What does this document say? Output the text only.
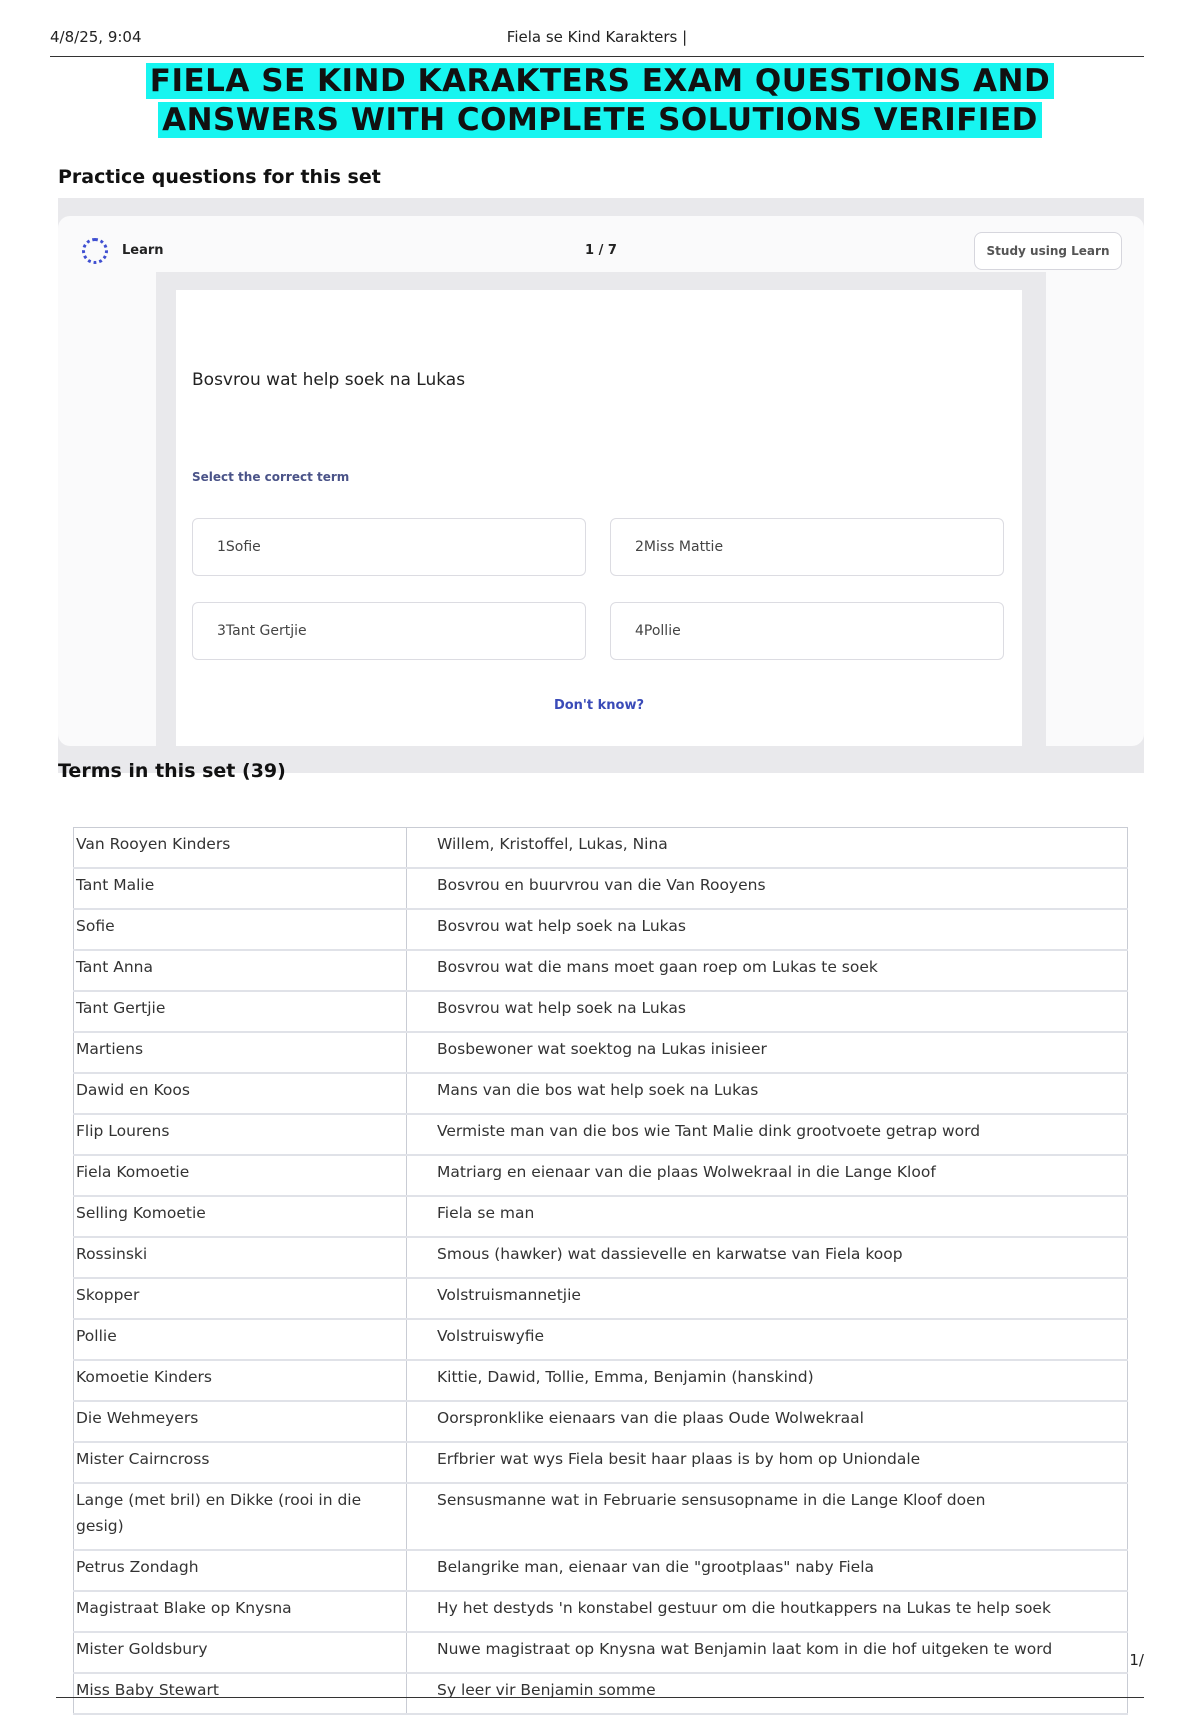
4/8/25, 9:04	Fiela se Kind Karakters |
FIELA SE KIND KARAKTERS EXAM QUESTIONS AND
ANSWERS WITH COMPLETE SOLUTIONS VERIFIED
Practice questions for this set
Learn	1 / 7	Study using Learn
Bosvrou wat help soek na Lukas
Select the correct term
1Sofie	2Miss Mattie
3Tant Gertjie	4Pollie
Don't know?
Terms in this set (39)
Van Rooyen Kinders	Willem, Kristoffel, Lukas, Nina
Tant Malie	Bosvrou en buurvrou van die Van Rooyens
Sofie	Bosvrou wat help soek na Lukas
Tant Anna	Bosvrou wat die mans moet gaan roep om Lukas te soek
Tant Gertjie	Bosvrou wat help soek na Lukas
Martiens	Bosbewoner wat soektog na Lukas inisieer
Dawid en Koos	Mans van die bos wat help soek na Lukas
Flip Lourens	Vermiste man van die bos wie Tant Malie dink grootvoete getrap word
Fiela Komoetie	Matriarg en eienaar van die plaas Wolwekraal in die Lange Kloof
Selling Komoetie	Fiela se man
Rossinski	Smous (hawker) wat dassievelle en karwatse van Fiela koop
Skopper	Volstruismannetjie
Pollie	Volstruiswyfie
Komoetie Kinders	Kittie, Dawid, Tollie, Emma, Benjamin (hanskind)
Die Wehmeyers	Oorspronklike eienaars van die plaas Oude Wolwekraal
Mister Cairncross	Erfbrier wat wys Fiela besit haar plaas is by hom op Uniondale
Lange (met bril) en Dikke (rooi in die gesig)	Sensusmanne wat in Februarie sensusopname in die Lange Kloof doen
Petrus Zondagh	Belangrike man, eienaar van die "grootplaas" naby Fiela
Magistraat Blake op Knysna	Hy het destyds 'n konstabel gestuur om die houtkappers na Lukas te help soek
Mister Goldsbury	Nuwe magistraat op Knysna wat Benjamin laat kom in die hof uitgeken te word
Miss Baby Stewart	Sy leer vir Benjamin somme
1/
